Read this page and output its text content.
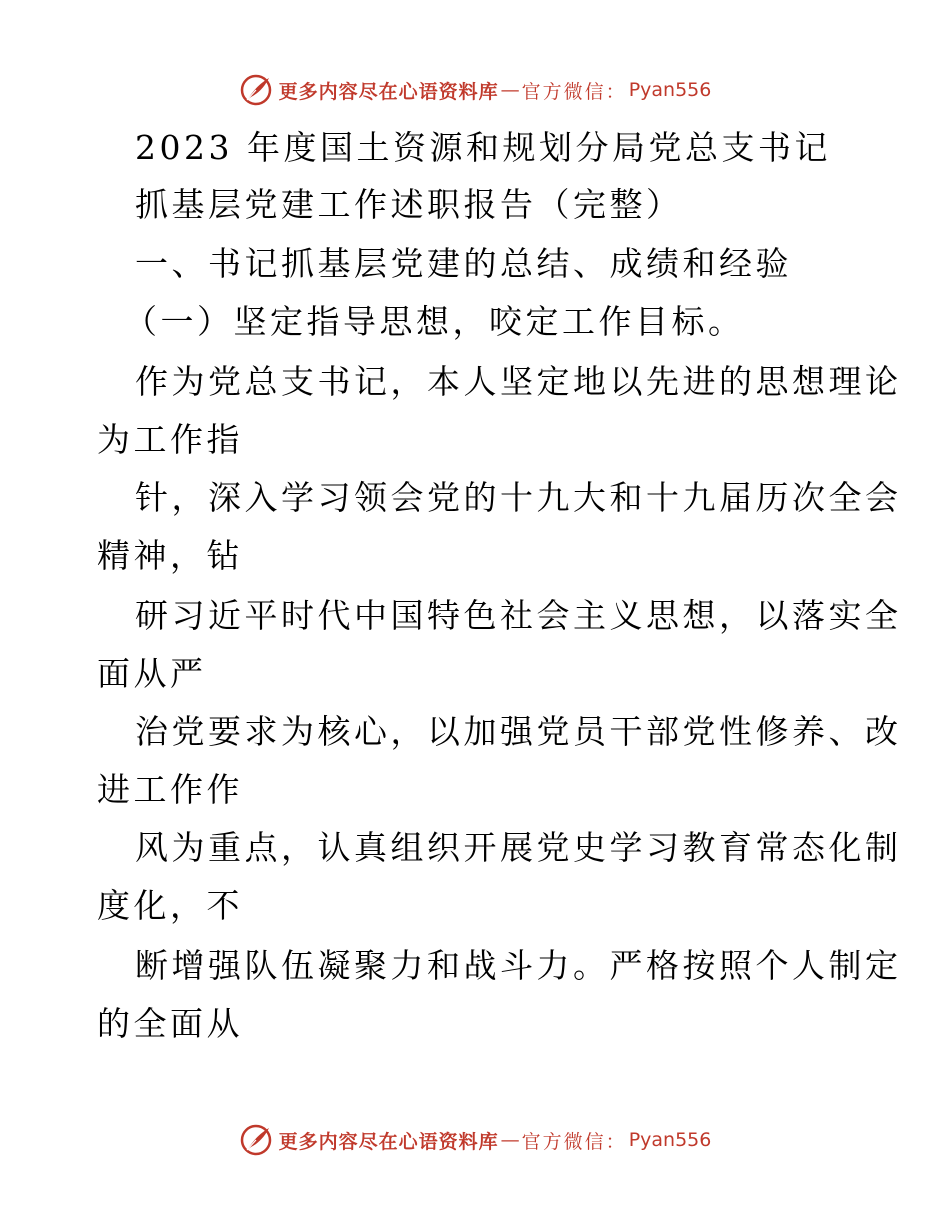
更多内容尽在心语资料库 — 官方微信： Pyan556
2023 年度国土资源和规划分局党总支书记
抓基层党建工作述职报告（完整）
一、书记抓基层党建的总结、成绩和经验
（一）坚定指导思想，咬定工作目标。
作为党总支书记，本人坚定地以先进的思想理论
为工作指
针，深入学习领会党的十九大和十九届历次全会
精神，钻
研习近平时代中国特色社会主义思想，以落实全
面从严
治党要求为核心，以加强党员干部党性修养、改
进工作作
风为重点，认真组织开展党史学习教育常态化制
度化，不
断增强队伍凝聚力和战斗力。严格按照个人制定
的全面从
更多内容尽在心语资料库 — 官方微信： Pyan556
